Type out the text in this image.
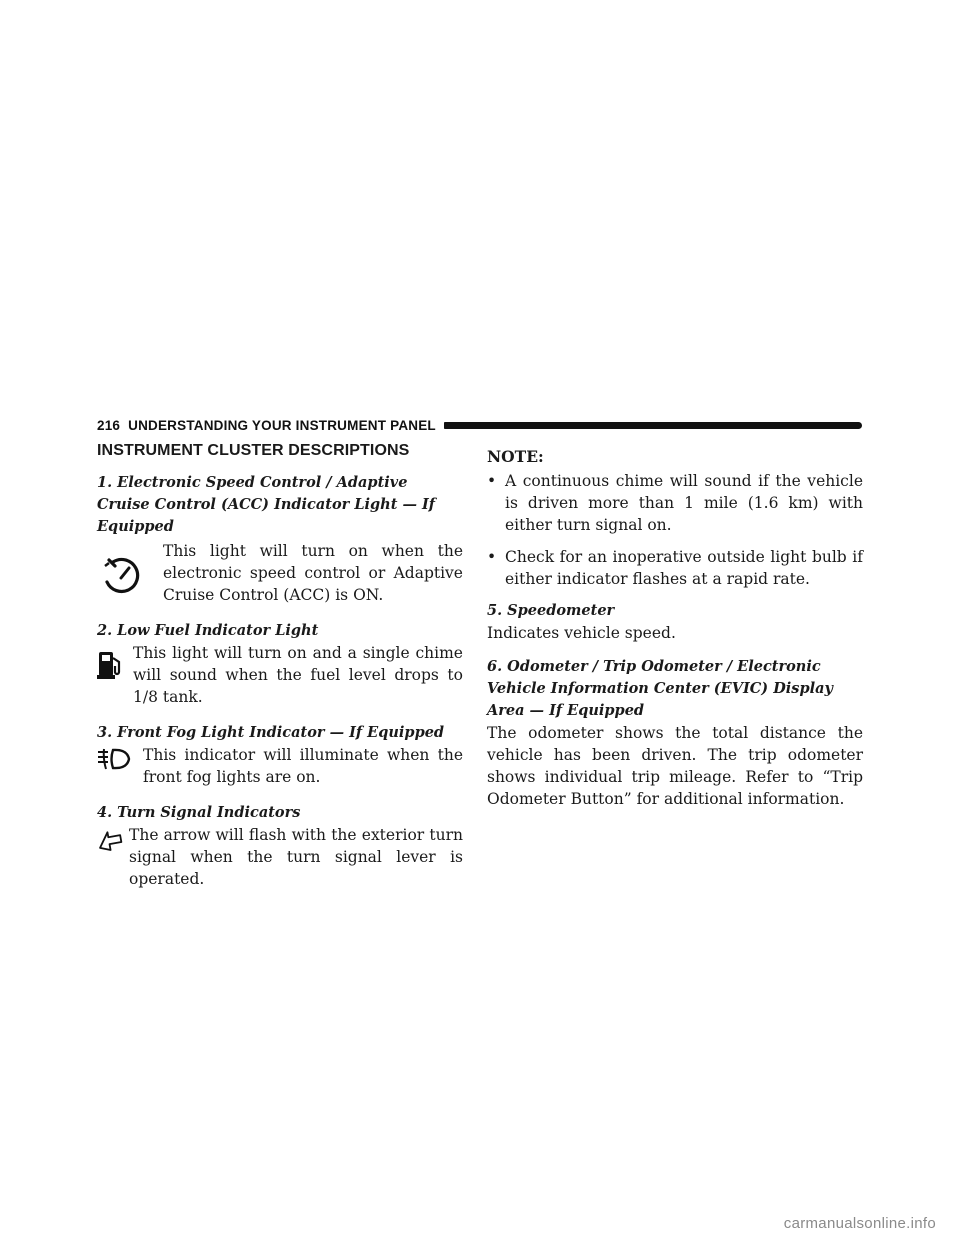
216 UNDERSTANDING YOUR INSTRUMENT PANEL
INSTRUMENT CLUSTER DESCRIPTIONS

1. Electronic Speed Control / Adaptive Cruise Control (ACC) Indicator Light — If Equipped

This light will turn on when the electronic speed control or Adaptive Cruise Control (ACC) is ON.

2. Low Fuel Indicator Light

This light will turn on and a single chime will sound when the fuel level drops to 1/8 tank.

3. Front Fog Light Indicator — If Equipped

This indicator will illuminate when the front fog lights are on.

4. Turn Signal Indicators

The arrow will flash with the exterior turn signal when the turn signal lever is operated.

NOTE:
• A continuous chime will sound if the vehicle is driven more than 1 mile (1.6 km) with either turn signal on.

• Check for an inoperative outside light bulb if either indicator flashes at a rapid rate.

5. Speedometer

Indicates vehicle speed.

6. Odometer / Trip Odometer / Electronic Vehicle Information Center (EVIC) Display Area — If Equipped

The odometer shows the total distance the vehicle has been driven. The trip odometer shows individual trip mileage. Refer to “Trip Odometer Button” for additional information.

carmanualsonline.info
